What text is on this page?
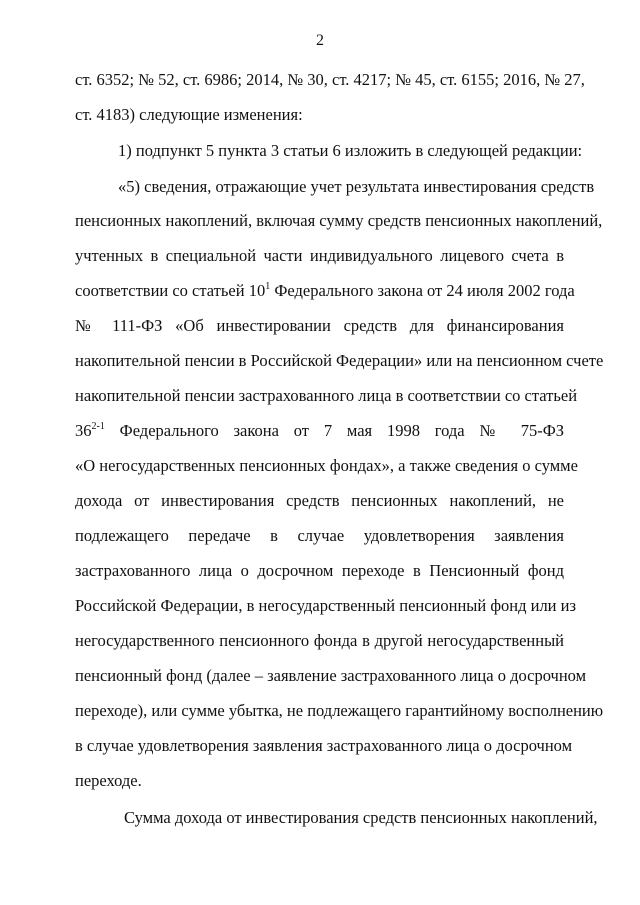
2
ст. 6352; № 52, ст. 6986; 2014, № 30, ст. 4217; № 45, ст. 6155; 2016, № 27,
ст. 4183) следующие изменения:
1) подпункт 5 пункта 3 статьи 6 изложить в следующей редакции:
«5) сведения, отражающие учет результата инвестирования средств
пенсионных накоплений, включая сумму средств пенсионных накоплений,
учтенных в специальной части индивидуального лицевого счета в
соответствии со статьей $10^1$ Федерального закона от 24 июля 2002 года
№ 111-ФЗ «Об инвестировании средств для финансирования
накопительной пенсии в Российской Федерации» или на пенсионном счете
накопительной пенсии застрахованного лица в соответствии со статьей
36$^{2-1}$ Федерального закона от 7 мая 1998 года № 75-ФЗ
«О негосударственных пенсионных фондах», а также сведения о сумме
дохода от инвестирования средств пенсионных накоплений, не
подлежащего передаче в случае удовлетворения заявления
застрахованного лица о досрочном переходе в Пенсионный фонд
Российской Федерации, в негосударственный пенсионный фонд или из
негосударственного пенсионного фонда в другой негосударственный
пенсионный фонд (далее – заявление застрахованного лица о досрочном
переходе), или сумме убытка, не подлежащего гарантийному восполнению
в случае удовлетворения заявления застрахованного лица о досрочном
переходе.
Сумма дохода от инвестирования средств пенсионных накоплений,
